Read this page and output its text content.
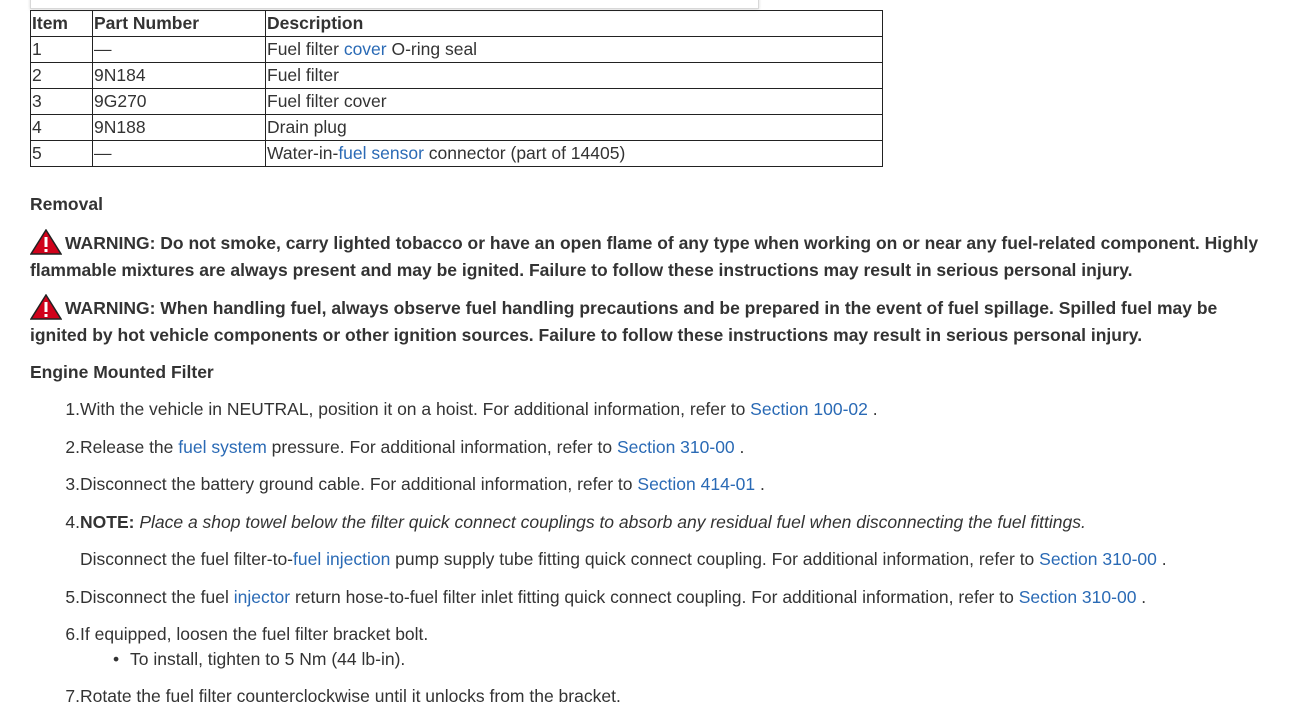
Item	Part Number	Description
1	—	Fuel filter cover O-ring seal
2	9N184	Fuel filter
3	9G270	Fuel filter cover
4	9N188	Drain plug
5	—	Water-in-fuel sensor connector (part of 14405)
Removal
WARNING: Do not smoke, carry lighted tobacco or have an open flame of any type when working on or near any fuel-related component. Highly flammable mixtures are always present and may be ignited. Failure to follow these instructions may result in serious personal injury.
WARNING: When handling fuel, always observe fuel handling precautions and be prepared in the event of fuel spillage. Spilled fuel may be ignited by hot vehicle components or other ignition sources. Failure to follow these instructions may result in serious personal injury.
Engine Mounted Filter
1. With the vehicle in NEUTRAL, position it on a hoist. For additional information, refer to Section 100-02 .
2. Release the fuel system pressure. For additional information, refer to Section 310-00 .
3. Disconnect the battery ground cable. For additional information, refer to Section 414-01 .
4. NOTE: Place a shop towel below the filter quick connect couplings to absorb any residual fuel when disconnecting the fuel fittings.
Disconnect the fuel filter-to-fuel injection pump supply tube fitting quick connect coupling. For additional information, refer to Section 310-00 .
5. Disconnect the fuel injector return hose-to-fuel filter inlet fitting quick connect coupling. For additional information, refer to Section 310-00 .
6. If equipped, loosen the fuel filter bracket bolt.
• To install, tighten to 5 Nm (44 lb-in).
7. Rotate the fuel filter counterclockwise until it unlocks from the bracket.
